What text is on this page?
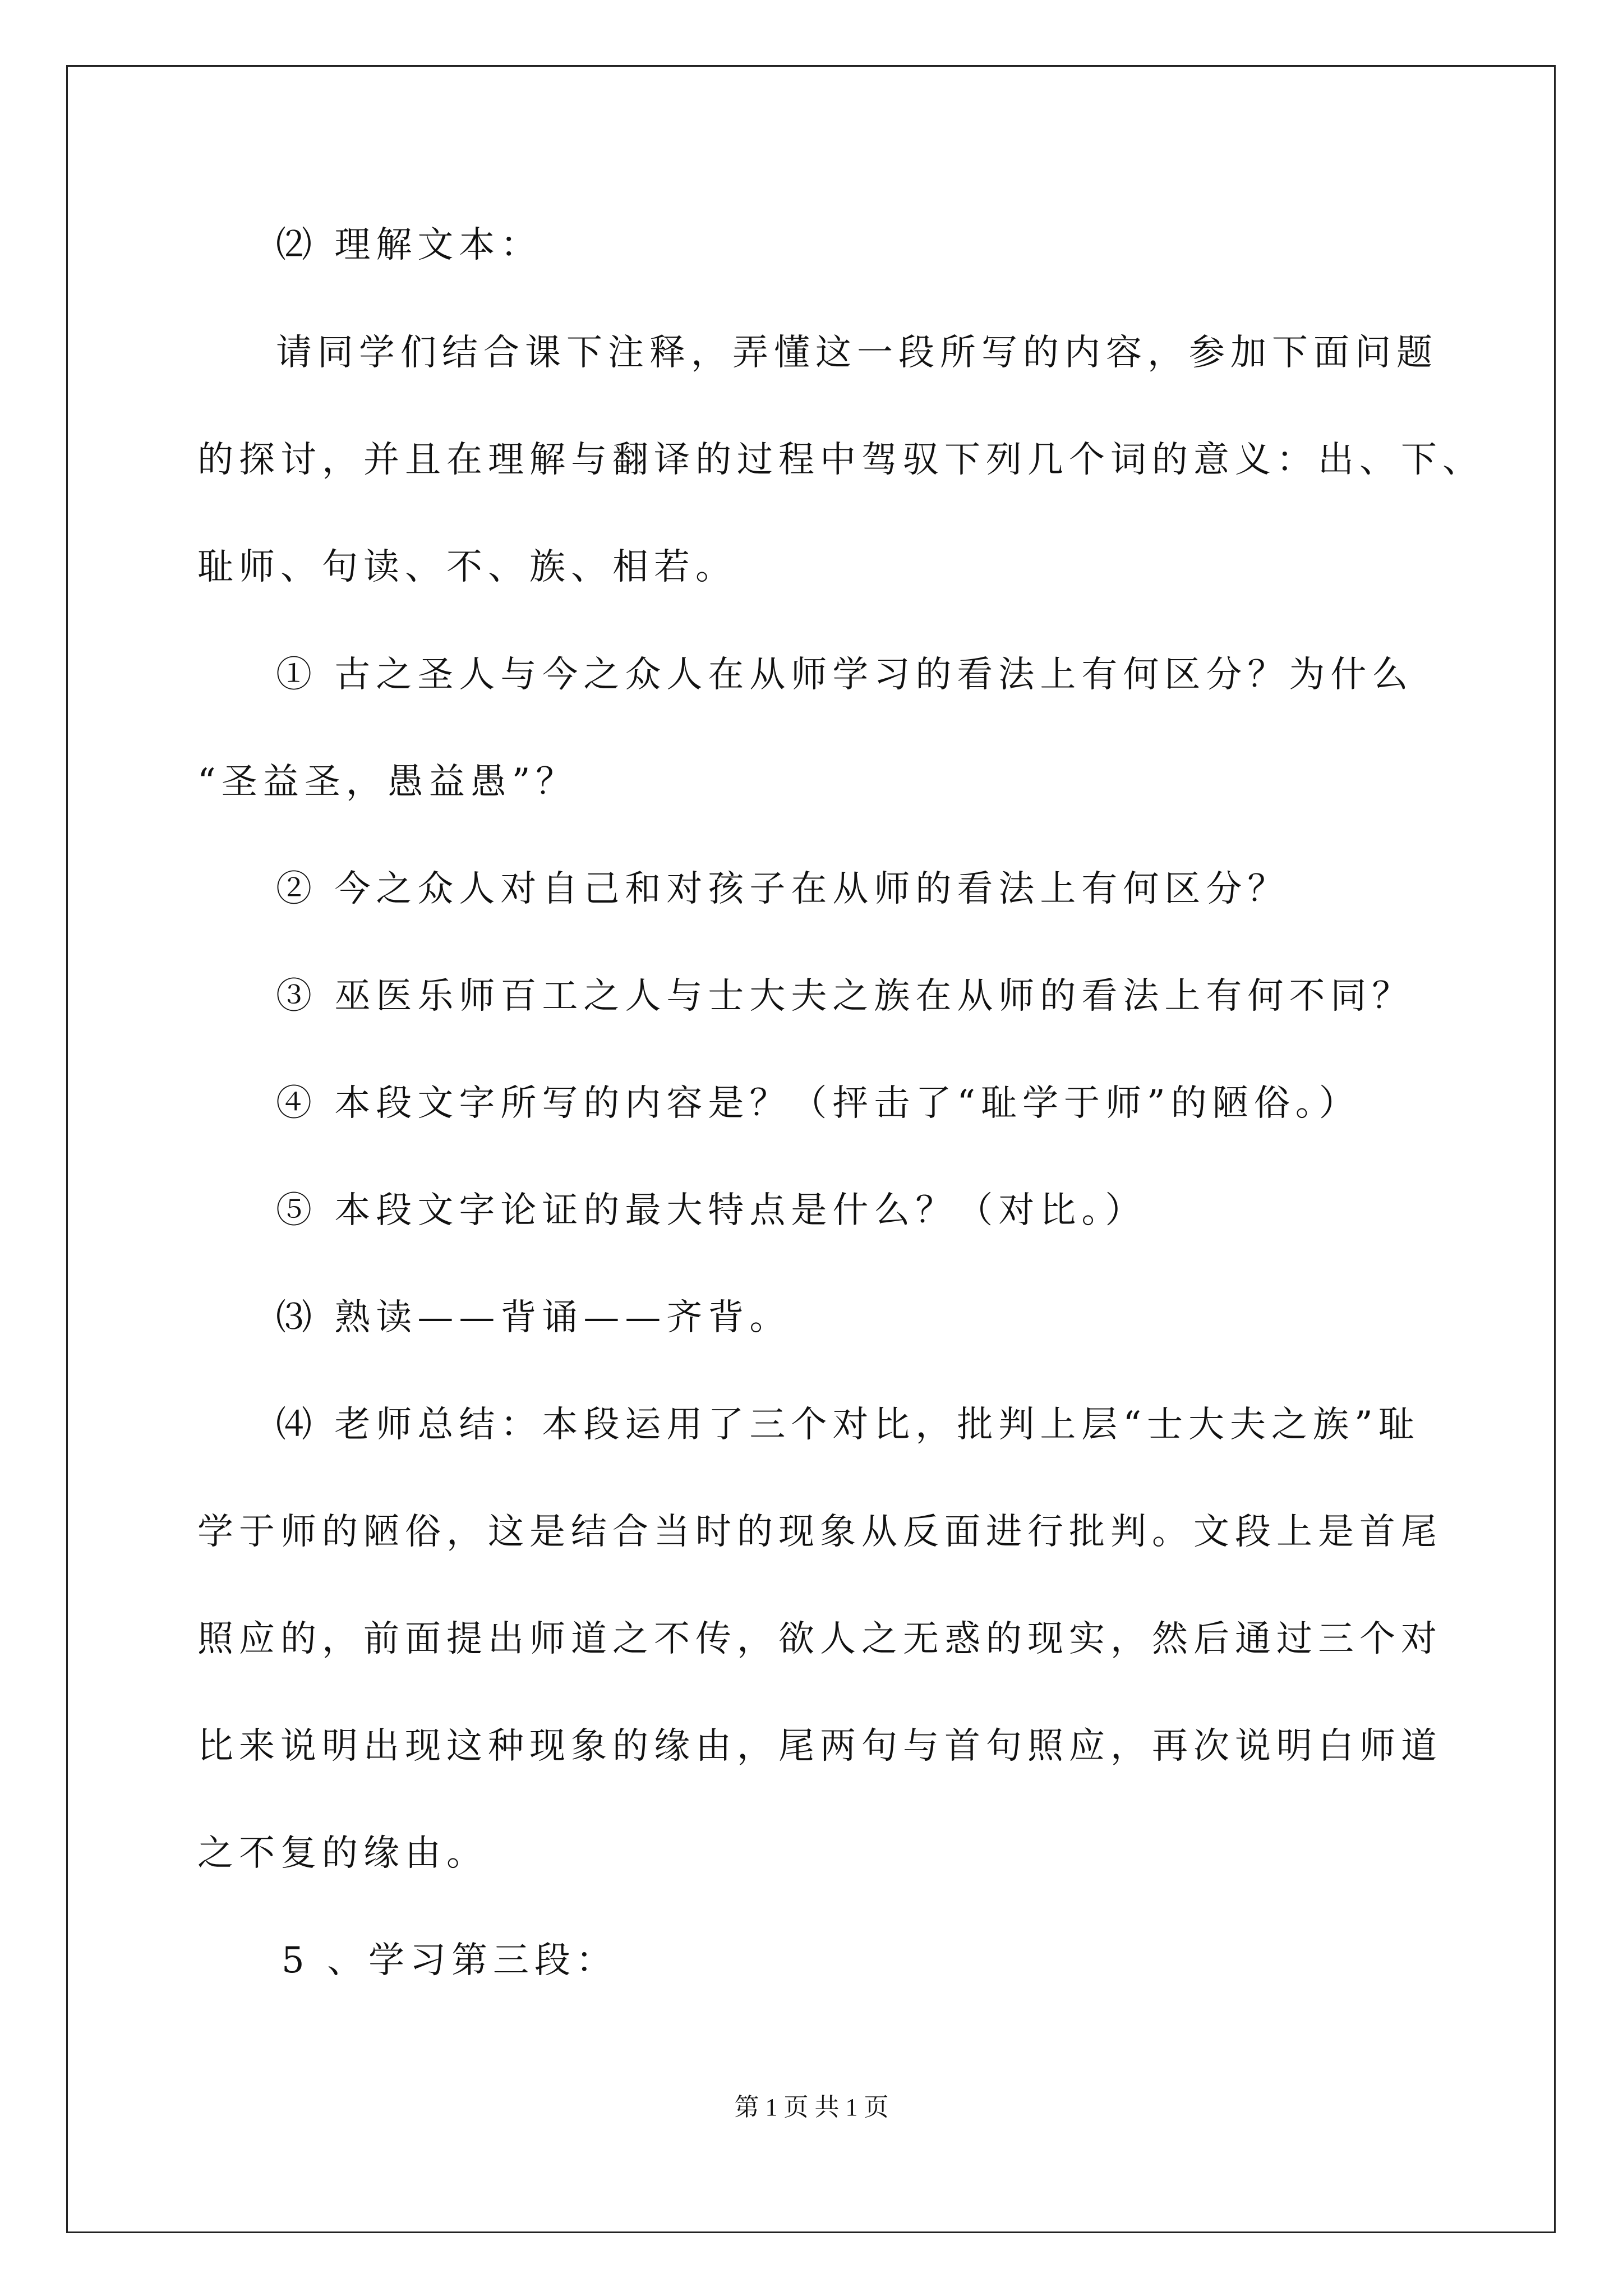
⑵ 理解文本：
请同学们结合课下注释，弄懂这一段所写的内容，参加下面问题
的探讨，并且在理解与翻译的过程中驾驭下列几个词的意义：出、下、
耻师、句读、不、族、相若。
① 古之圣人与今之众人在从师学习的看法上有何区分？为什么
“圣益圣，愚益愚”？
② 今之众人对自己和对孩子在从师的看法上有何区分？
③ 巫医乐师百工之人与士大夫之族在从师的看法上有何不同？
④ 本段文字所写的内容是？（抨击了“耻学于师”的陋俗。）
⑤ 本段文字论证的最大特点是什么？（对比。）
⑶ 熟读——背诵——齐背。
⑷ 老师总结：本段运用了三个对比，批判上层“士大夫之族”耻
学于师的陋俗，这是结合当时的现象从反面进行批判。文段上是首尾
照应的，前面提出师道之不传，欲人之无惑的现实，然后通过三个对
比来说明出现这种现象的缘由，尾两句与首句照应，再次说明白师道
之不复的缘由。
5 、学习第三段：
第 1 页 共 1 页
